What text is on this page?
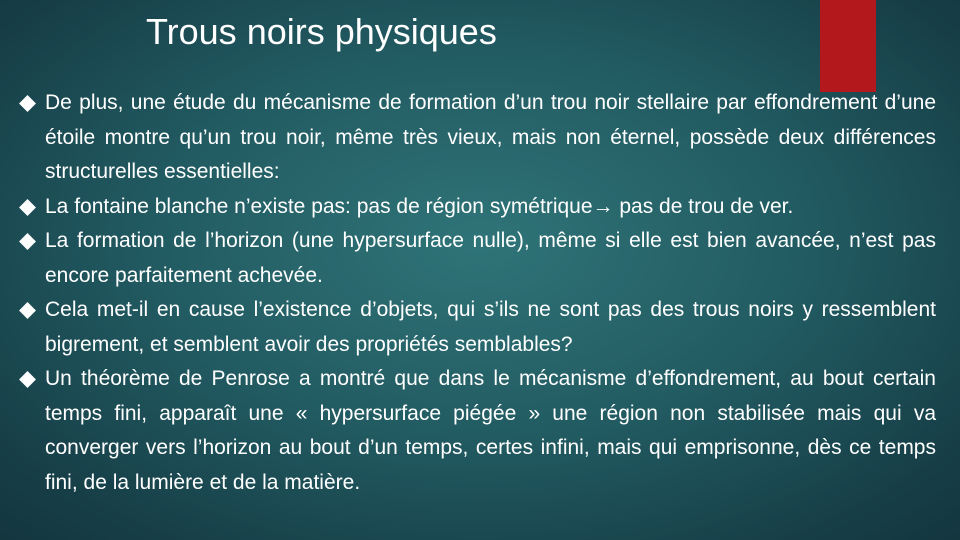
Trous noirs physiques
De plus, une étude du mécanisme de formation d’un trou noir stellaire par effondrement d’une étoile montre qu’un trou noir, même très vieux, mais non éternel, possède deux différences structurelles essentielles:
La fontaine blanche n’existe pas: pas de région symétrique→ pas de trou de ver.
La formation de l’horizon (une hypersurface nulle), même si elle est bien avancée, n’est pas encore parfaitement achevée.
Cela met-il en cause l’existence d’objets, qui s’ils ne sont pas des trous noirs y ressemblent bigrement, et semblent avoir des propriétés semblables?
Un théorème de Penrose a montré que dans le mécanisme d’effondrement, au bout certain temps fini, apparaît une « hypersurface piégée » une région non stabilisée mais qui va converger vers l’horizon au bout d’un temps, certes infini, mais qui emprisonne, dès ce temps fini, de la lumière et de la matière.
